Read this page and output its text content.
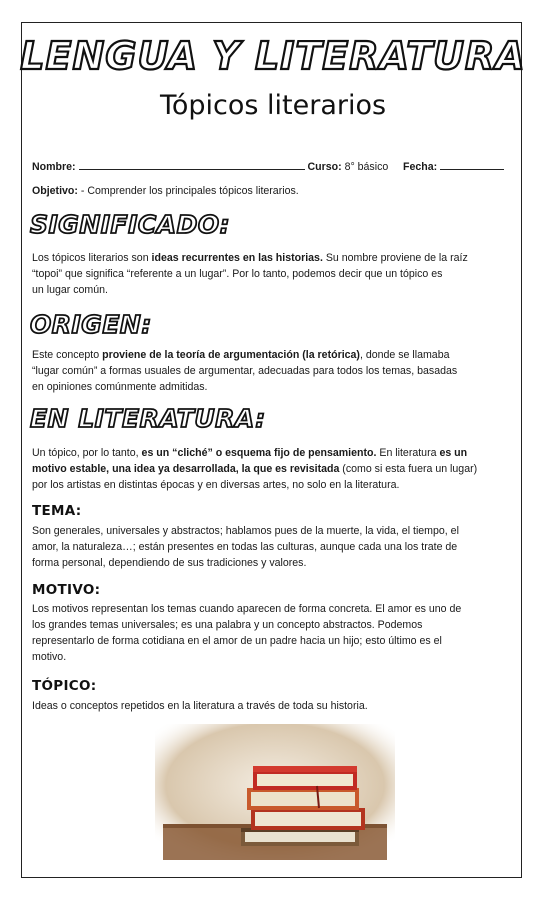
LENGUA Y LITERATURA
Tópicos literarios
Nombre:	Curso: 8° básico Fecha:
Objetivo: - Comprender los principales tópicos literarios.
SIGNIFICADO:
Los tópicos literarios son ideas recurrentes en las historias. Su nombre proviene de la raíz
“topoi” que significa “referente a un lugar”. Por lo tanto, podemos decir que un tópico es
un lugar común.
ORIGEN:
Este concepto proviene de la teoría de argumentación (la retórica), donde se llamaba
“lugar común” a formas usuales de argumentar, adecuadas para todos los temas, basadas
en opiniones comúnmente admitidas.
EN LITERATURA:
Un tópico, por lo tanto, es un “cliché” o esquema fijo de pensamiento. En literatura es un
motivo estable, una idea ya desarrollada, la que es revisitada (como si esta fuera un lugar)
por los artistas en distintas épocas y en diversas artes, no solo en la literatura.
TEMA:
Son generales, universales y abstractos; hablamos pues de la muerte, la vida, el tiempo, el
amor, la naturaleza…; están presentes en todas las culturas, aunque cada una los trate de
forma personal, dependiendo de sus tradiciones y valores.
MOTIVO:
Los motivos representan los temas cuando aparecen de forma concreta. El amor es uno de
los grandes temas universales; es una palabra y un concepto abstractos. Podemos
representarlo de forma cotidiana en el amor de un padre hacia un hijo; esto último es el
motivo.
TÓPICO:
Ideas o conceptos repetidos en la literatura a través de toda su historia.
